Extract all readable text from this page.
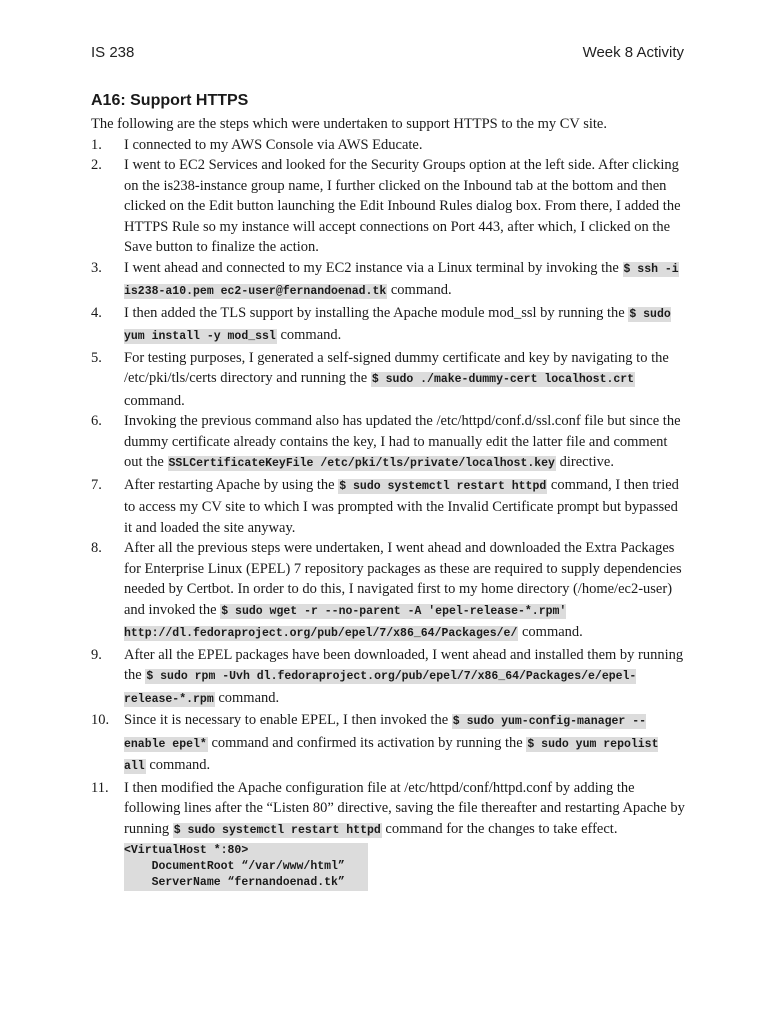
IS 238	Week 8 Activity
A16: Support HTTPS

The following are the steps which were undertaken to support HTTPS to the my CV site.

1. I connected to my AWS Console via AWS Educate.
2. I went to EC2 Services and looked for the Security Groups option at the left side. After clicking on the is238-instance group name, I further clicked on the Inbound tab at the bottom and then clicked on the Edit button launching the Edit Inbound Rules dialog box. From there, I added the HTTPS Rule so my instance will accept connections on Port 443, after which, I clicked on the Save button to finalize the action.
3. I went ahead and connected to my EC2 instance via a Linux terminal by invoking the $ ssh -i is238-a10.pem ec2-user@fernandoenad.tk command.
4. I then added the TLS support by installing the Apache module mod_ssl by running the $ sudo yum install -y mod_ssl command.
5. For testing purposes, I generated a self-signed dummy certificate and key by navigating to the /etc/pki/tls/certs directory and running the $ sudo ./make-dummy-cert localhost.crt command.
6. Invoking the previous command also has updated the /etc/httpd/conf.d/ssl.conf file but since the dummy certificate already contains the key, I had to manually edit the latter file and comment out the SSLCertificateKeyFile /etc/pki/tls/private/localhost.key directive.
7. After restarting Apache by using the $ sudo systemctl restart httpd command, I then tried to access my CV site to which I was prompted with the Invalid Certificate prompt but bypassed it and loaded the site anyway.
8. After all the previous steps were undertaken, I went ahead and downloaded the Extra Packages for Enterprise Linux (EPEL) 7 repository packages as these are required to supply dependencies needed by Certbot. In order to do this, I navigated first to my home directory (/home/ec2-user) and invoked the $ sudo wget -r --no-parent -A 'epel-release-*.rpm' http://dl.fedoraproject.org/pub/epel/7/x86_64/Packages/e/ command.
9. After all the EPEL packages have been downloaded, I went ahead and installed them by running the $ sudo rpm -Uvh dl.fedoraproject.org/pub/epel/7/x86_64/Packages/e/epel-release-*.rpm command.
10. Since it is necessary to enable EPEL, I then invoked the $ sudo yum-config-manager --enable epel* command and confirmed its activation by running the $ sudo yum repolist all command.
11. I then modified the Apache configuration file at /etc/httpd/conf/httpd.conf by adding the following lines after the “Listen 80” directive, saving the file thereafter and restarting Apache by running $ sudo systemctl restart httpd command for the changes to take effect.
<VirtualHost *:80>
DocumentRoot “/var/www/html”
ServerName “fernandoenad.tk”
